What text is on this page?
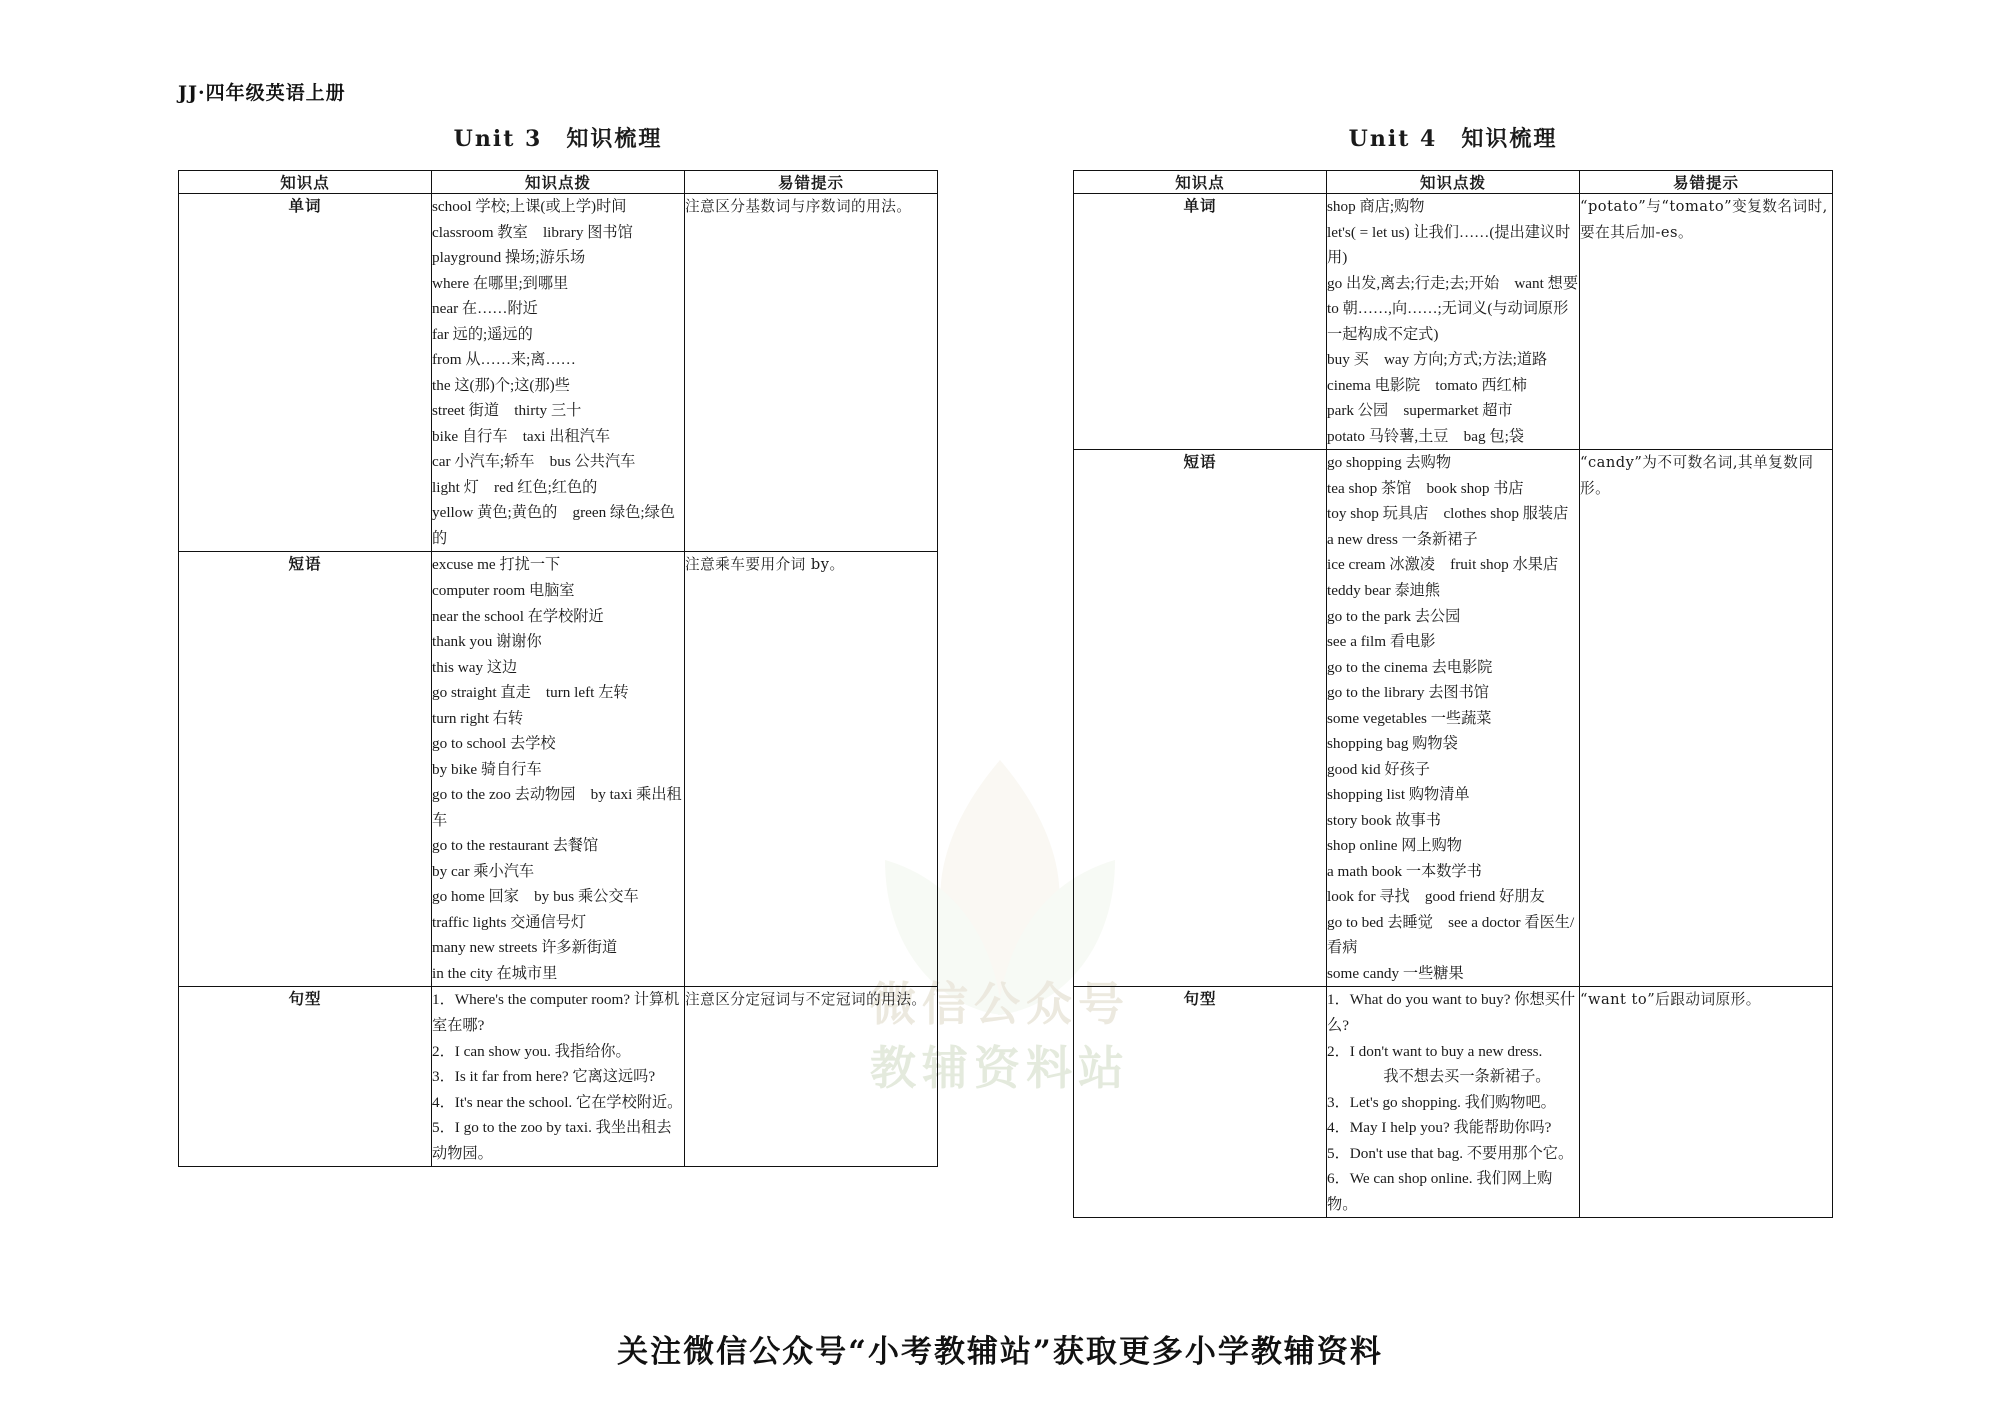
微信公众号
教辅资料站
JJ·四年级英语上册
Unit 3　知识梳理
知识点	知识点拨	易错提示
单词	school 学校;上课(或上学)时间
classroom 教室　library 图书馆
playground 操场;游乐场
where 在哪里;到哪里
near 在……附近
far 远的;遥远的
from 从……来;离……
the 这(那)个;这(那)些
street 街道　thirty 三十
bike 自行车　taxi 出租汽车
car 小汽车;轿车　bus 公共汽车
light 灯　red 红色;红色的
yellow 黄色;黄色的　green 绿色;绿色的
	注意区分基数词与序数词的用法。
短语	excuse me 打扰一下
computer room 电脑室
near the school 在学校附近
thank you 谢谢你
this way 这边
go straight 直走　turn left 左转
turn right 右转
go to school 去学校
by bike 骑自行车
go to the zoo 去动物园　by taxi 乘出租车
go to the restaurant 去餐馆
by car 乘小汽车
go home 回家　by bus 乘公交车
traffic lights 交通信号灯
many new streets 许多新街道
in the city 在城市里
	注意乘车要用介词 by。
句型	1．Where's the computer room? 计算机室在哪?
2．I can show you. 我指给你。
3．Is it far from here? 它离这远吗?
4．It's near the school. 它在学校附近。
5．I go to the zoo by taxi. 我坐出租去动物园。	注意区分定冠词与不定冠词的用法。
Unit 4　知识梳理
知识点	知识点拨	易错提示
单词	shop 商店;购物
let's( = let us) 让我们……(提出建议时用)
go 出发,离去;行走;去;开始　want 想要
to 朝……,向……;无词义(与动词原形一起构成不定式)
buy 买　way 方向;方式;方法;道路
cinema 电影院　tomato 西红柿
park 公园　supermarket 超市
potato 马铃薯,土豆　bag 包;袋
	“potato”与“tomato”变复数名词时,要在其后加-es。
短语	go shopping 去购物
tea shop 茶馆　book shop 书店
toy shop 玩具店　clothes shop 服装店
a new dress 一条新裙子
ice cream 冰激凌　fruit shop 水果店
teddy bear 泰迪熊
go to the park 去公园
see a film 看电影
go to the cinema 去电影院
go to the library 去图书馆
some vegetables 一些蔬菜
shopping bag 购物袋
good kid 好孩子
shopping list 购物清单
story book 故事书
shop online 网上购物
a math book 一本数学书
look for 寻找　good friend 好朋友
go to bed 去睡觉　see a doctor 看医生/看病
some candy 一些糖果
	“candy”为不可数名词,其单复数同形。
句型	1．What do you want to buy? 你想买什么?
2．I don't want to buy a new dress.
　　我不想去买一条新裙子。
3．Let's go shopping. 我们购物吧。
4．May I help you? 我能帮助你吗?
5．Don't use that bag. 不要用那个它。
6．We can shop online. 我们网上购物。
	“want to”后跟动词原形。
关注微信公众号“小考教辅站”获取更多小学教辅资料
